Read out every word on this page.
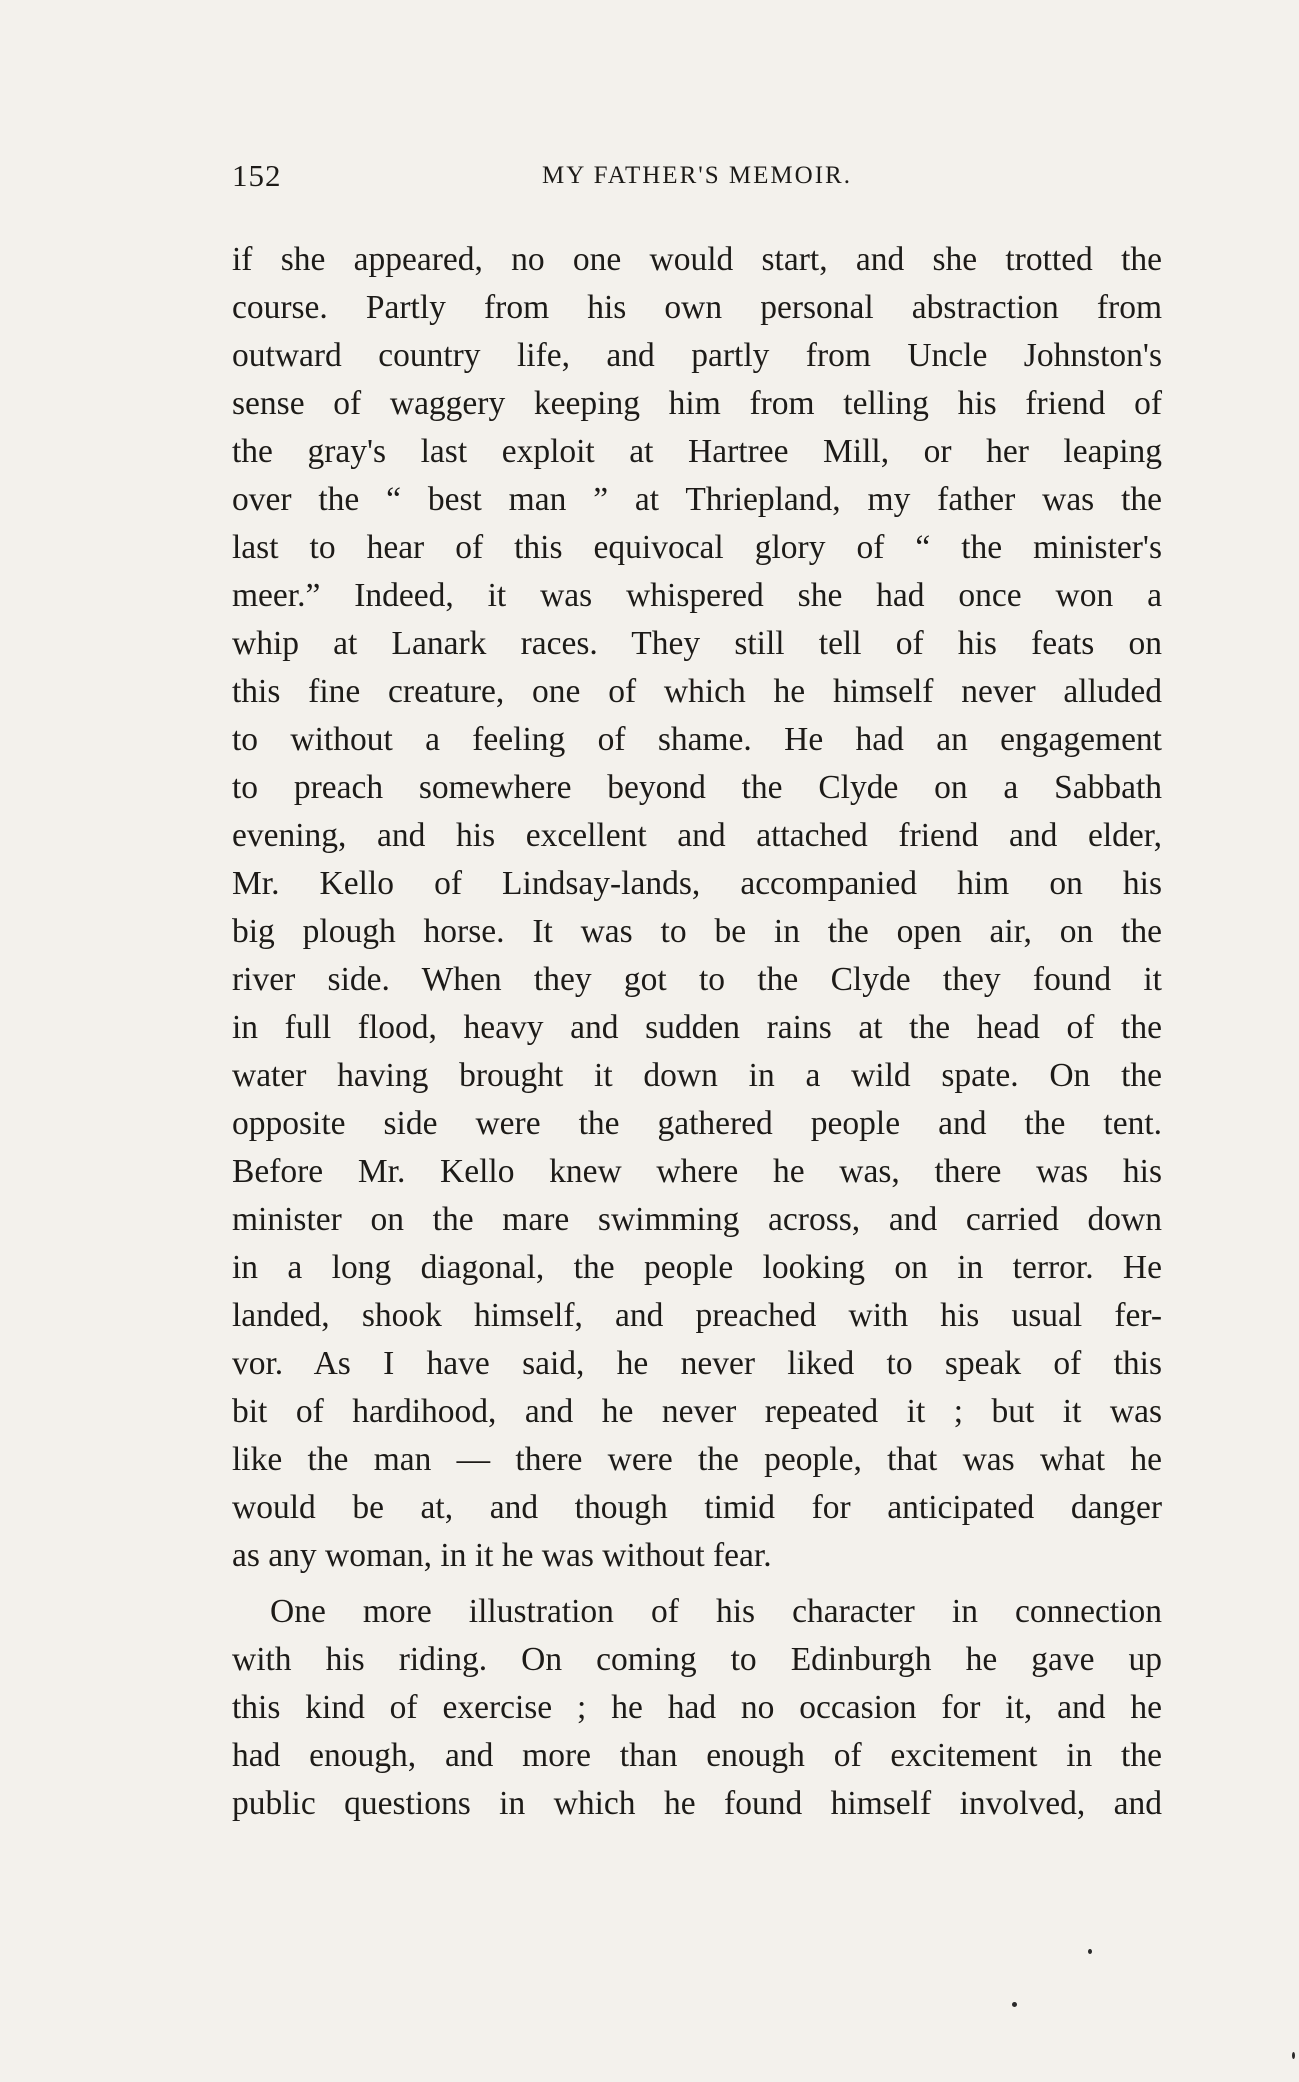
152	MY FATHER'S MEMOIR.
if she appeared, no one would start, and she trotted the
course. Partly from his own personal abstraction from
outward country life, and partly from Uncle Johnston's
sense of waggery keeping him from telling his friend of
the gray's last exploit at Hartree Mill, or her leaping
over the “ best man ” at Thriepland, my father was the
last to hear of this equivocal glory of “ the minister's
meer.” Indeed, it was whispered she had once won a
whip at Lanark races. They still tell of his feats on
this fine creature, one of which he himself never alluded
to without a feeling of shame. He had an engagement
to preach somewhere beyond the Clyde on a Sabbath
evening, and his excellent and attached friend and elder,
Mr. Kello of Lindsay-lands, accompanied him on his
big plough horse. It was to be in the open air, on the
river side. When they got to the Clyde they found it
in full flood, heavy and sudden rains at the head of the
water having brought it down in a wild spate. On the
opposite side were the gathered people and the tent.
Before Mr. Kello knew where he was, there was his
minister on the mare swimming across, and carried down
in a long diagonal, the people looking on in terror. He
landed, shook himself, and preached with his usual fer-
vor. As I have said, he never liked to speak of this
bit of hardihood, and he never repeated it ; but it was
like the man — there were the people, that was what he
would be at, and though timid for anticipated danger
as any woman, in it he was without fear.
One more illustration of his character in connection
with his riding. On coming to Edinburgh he gave up
this kind of exercise ; he had no occasion for it, and he
had enough, and more than enough of excitement in the
public questions in which he found himself involved, and
